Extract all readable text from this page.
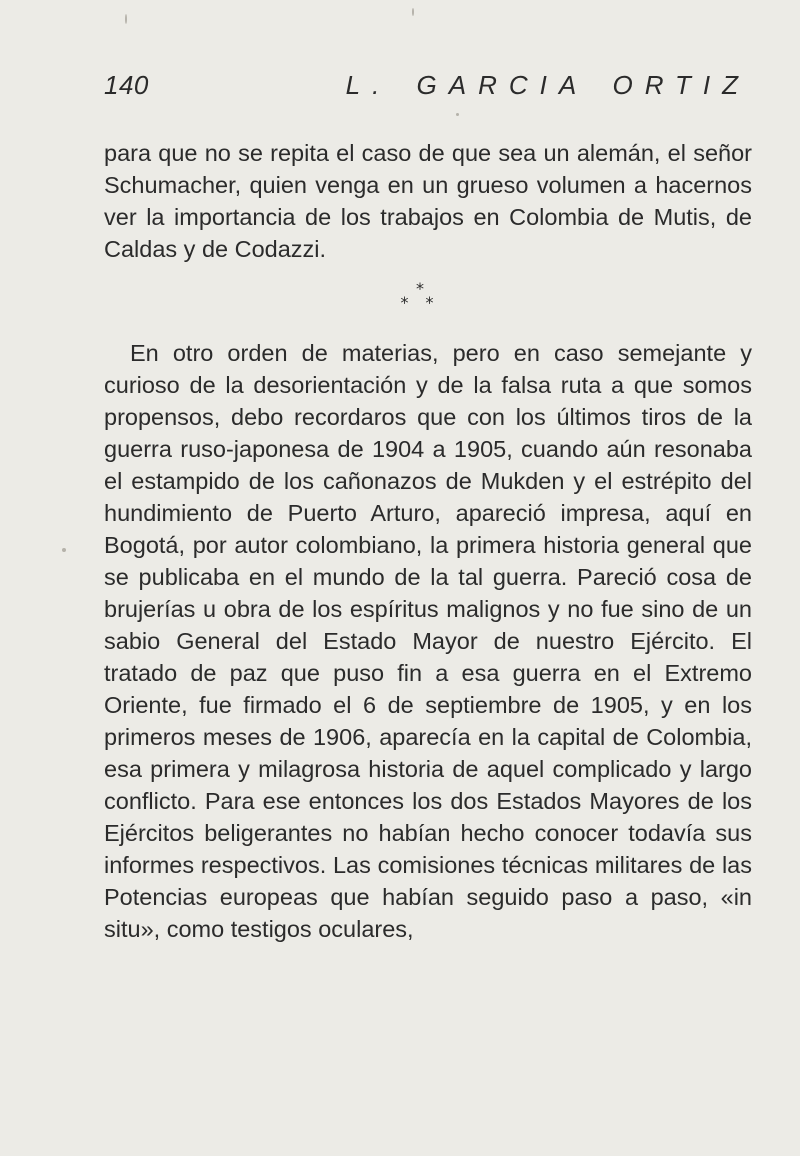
140	L. GARCIA ORTIZ

para que no se repita el caso de que sea un alemán, el señor Schumacher, quien venga en un grueso volumen a hacernos ver la importancia de los trabajos en Colombia de Mutis, de Caldas y de Codazzi.

*
* *

En otro orden de materias, pero en caso semejante y curioso de la desorientación y de la falsa ruta a que somos propensos, debo recordaros que con los últimos tiros de la guerra ruso-japonesa de 1904 a 1905, cuando aún resonaba el estampido de los cañonazos de Mukden y el estrépito del hundimiento de Puerto Arturo, apareció impresa, aquí en Bogotá, por autor colombiano, la primera historia general que se publicaba en el mundo de la tal guerra. Pareció cosa de brujerías u obra de los espíritus malignos y no fue sino de un sabio General del Estado Mayor de nuestro Ejército. El tratado de paz que puso fin a esa guerra en el Extremo Oriente, fue firmado el 6 de septiembre de 1905, y en los primeros meses de 1906, aparecía en la capital de Colombia, esa primera y milagrosa historia de aquel complicado y largo conflicto. Para ese entonces los dos Estados Mayores de los Ejércitos beligerantes no habían hecho conocer todavía sus informes respectivos. Las comisiones técnicas militares de las Potencias europeas que habían seguido paso a paso, «in situ», como testigos oculares,
